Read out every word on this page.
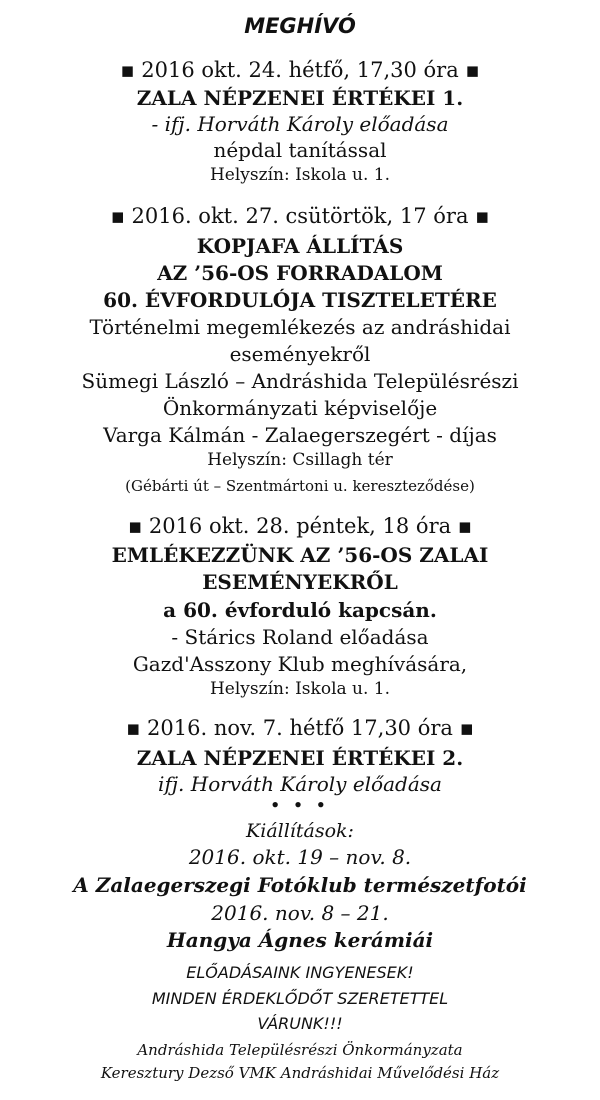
MEGHÍVÓ
▪ 2016 okt. 24. hétfő, 17,30 óra ▪
ZALA NÉPZENEI ÉRTÉKEI 1.
- ifj. Horváth Károly előadása
népdal tanítással
Helyszín: Iskola u. 1.
▪ 2016. okt. 27. csütörtök, 17 óra ▪
KOPJAFA ÁLLÍTÁS
AZ ’56-OS FORRADALOM
60. ÉVFORDULÓJA TISZTELETÉRE
Történelmi megemlékezés az andráshidai
eseményekről
Sümegi László – Andráshida Településrészi
Önkormányzati képviselője
Varga Kálmán - Zalaegerszegért - díjas
Helyszín: Csillagh tér
(Gébárti út – Szentmártoni u. kereszteződése)
▪ 2016 okt. 28. péntek, 18 óra ▪
EMLÉKEZZÜNK AZ ’56-OS ZALAI
ESEMÉNYEKRŐL
a 60. évforduló kapcsán.
- Stárics Roland előadása
Gazd'Asszony Klub meghívására,
Helyszín: Iskola u. 1.
▪ 2016. nov. 7. hétfő 17,30 óra ▪
ZALA NÉPZENEI ÉRTÉKEI 2.
ifj. Horváth Károly előadása
• • •
Kiállítások:
2016. okt. 19 – nov. 8.
A Zalaegerszegi Fotóklub természetfotói
2016. nov. 8 – 21.
Hangya Ágnes kerámiái
ELŐADÁSAINK INGYENESEK!
MINDEN ÉRDEKLŐDŐT SZERETETTEL
VÁRUNK!!!
Andráshida Településrészi Önkormányzata
Keresztury Dezső VMK Andráshidai Művelődési Ház
